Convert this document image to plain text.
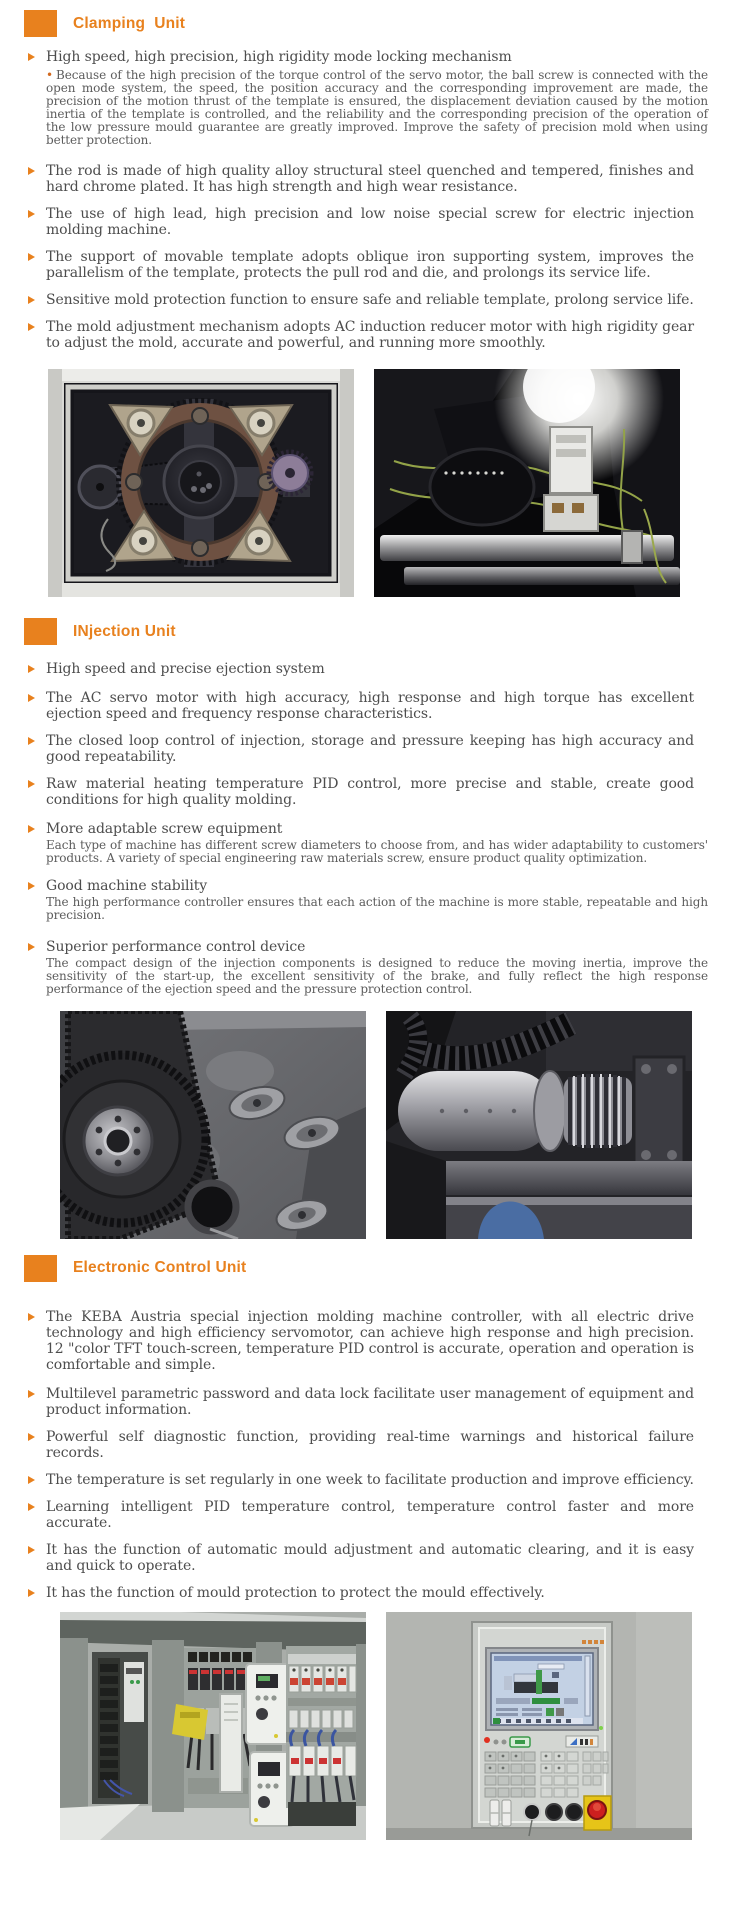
Clamping  Unit
High speed, high precision, high rigidity mode locking mechanism
• Because of the high precision of the torque control of the servo motor, the ball screw is connected with the open mode system, the speed, the position accuracy and the corresponding improvement are made, the precision of the motion thrust of the template is ensured, the displacement deviation caused by the motion inertia of the template is controlled, and the reliability and the corresponding precision of the operation of the low pressure mould guarantee are greatly improved. Improve the safety of precision mold when using better protection.
The rod is made of high quality alloy structural steel quenched and tempered, finishes and hard chrome plated. It has high strength and high wear resistance.
The use of high lead, high precision and low noise special screw for electric injection molding machine.
The support of movable template adopts oblique iron supporting system, improves the parallelism of the template, protects the pull rod and die, and prolongs its service life.
Sensitive mold protection function to ensure safe and reliable template, prolong service life.
The mold adjustment mechanism adopts AC induction reducer motor with high rigidity gear to adjust the mold, accurate and powerful, and running more smoothly.
INjection Unit
High speed and precise ejection system
The AC servo motor with high accuracy, high response and high torque has excellent ejection speed and frequency response characteristics.
The closed loop control of injection, storage and pressure keeping has high accuracy and good repeatability.
Raw material heating temperature PID control, more precise and stable, create good conditions for high quality molding.
More adaptable screw equipment
Each type of machine has different screw diameters to choose from, and has wider adaptability to customers' products. A variety of special engineering raw materials screw, ensure product quality optimization.
Good machine stability
The high performance controller ensures that each action of the machine is more stable, repeatable and high precision.
Superior performance control device
The compact design of the injection components is designed to reduce the moving inertia, improve the sensitivity of the start-up, the excellent sensitivity of the brake, and fully reflect the high response performance of the ejection speed and the pressure protection control.
Electronic Control Unit
The KEBA Austria special injection molding machine controller, with all electric drive technology and high efficiency servomotor, can achieve high response and high precision. 12 "color TFT touch-screen, temperature PID control is accurate, operation and operation is comfortable and simple.
Multilevel parametric password and data lock facilitate user management of equipment and product information.
Powerful self diagnostic function, providing real-time warnings and historical failure records.
The temperature is set regularly in one week to facilitate production and improve efficiency.
Learning intelligent PID temperature control, temperature control faster and more accurate.
It has the function of automatic mould adjustment and automatic clearing, and it is easy and quick to operate.
It has the function of mould protection to protect the mould effectively.
